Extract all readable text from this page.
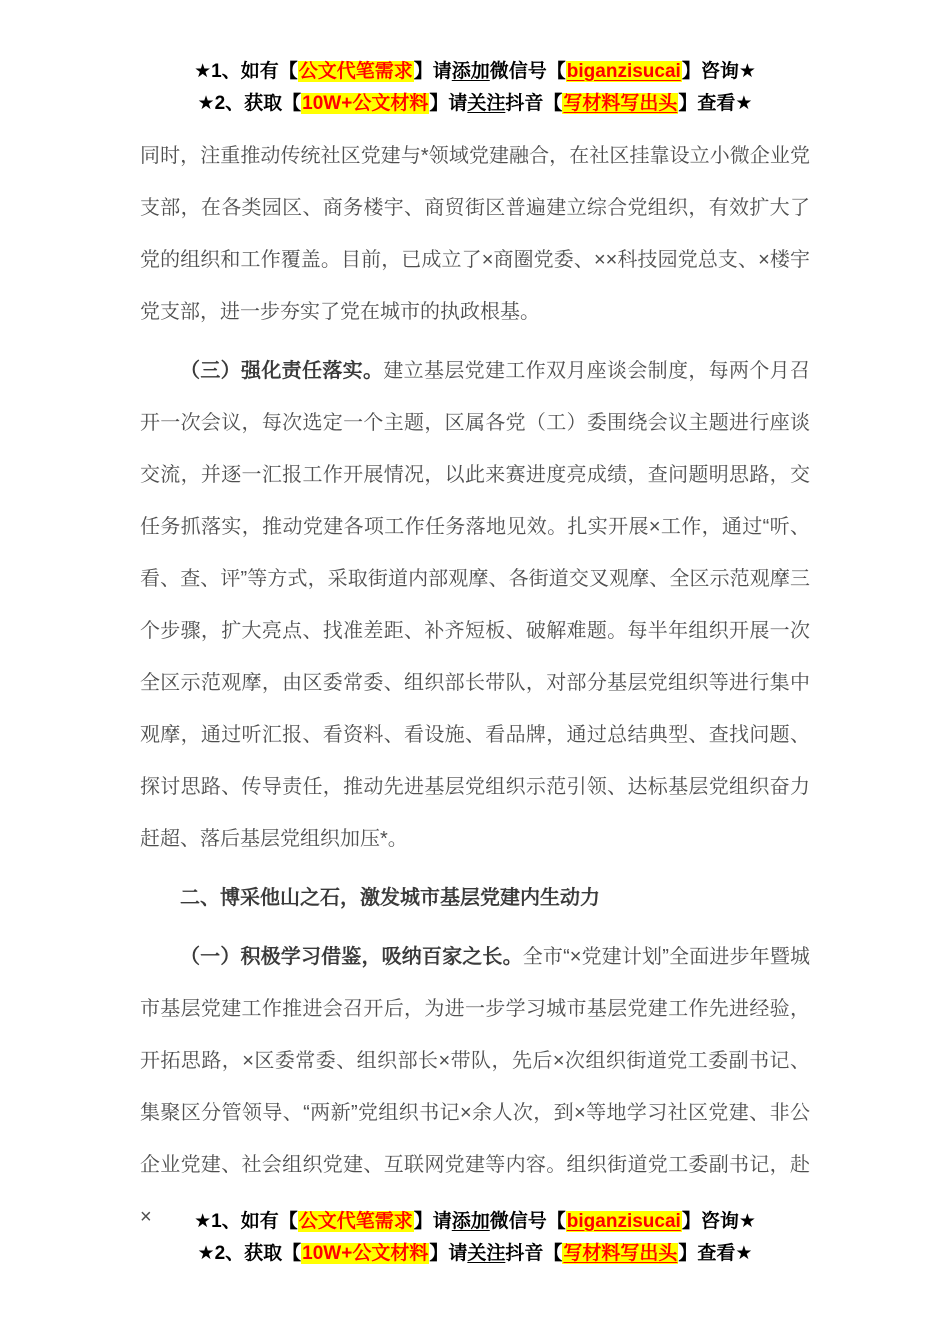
★1、如有【公文代笔需求】请添加微信号【biganzisucai】咨询★
★2、获取【10W+公文材料】请关注抖音【写材料写出头】查看★

同时，注重推动传统社区党建与*领域党建融合，在社区挂靠设立小微企业党支部，在各类园区、商务楼宇、商贸街区普遍建立综合党组织，有效扩大了党的组织和工作覆盖。目前，已成立了×商圈党委、××科技园党总支、×楼宇党支部，进一步夯实了党在城市的执政根基。

（三）强化责任落实。建立基层党建工作双月座谈会制度，每两个月召开一次会议，每次选定一个主题，区属各党（工）委围绕会议主题进行座谈交流，并逐一汇报工作开展情况，以此来赛进度亮成绩，查问题明思路，交任务抓落实，推动党建各项工作任务落地见效。扎实开展×工作，通过“听、看、查、评”等方式，采取街道内部观摩、各街道交叉观摩、全区示范观摩三个步骤，扩大亮点、找准差距、补齐短板、破解难题。每半年组织开展一次全区示范观摩，由区委常委、组织部长带队，对部分基层党组织等进行集中观摩，通过听汇报、看资料、看设施、看品牌，通过总结典型、查找问题、探讨思路、传导责任，推动先进基层党组织示范引领、达标基层党组织奋力赶超、落后基层党组织加压*。

二、博采他山之石，激发城市基层党建内生动力

（一）积极学习借鉴，吸纳百家之长。全市“×党建计划”全面进步年暨城市基层党建工作推进会召开后，为进一步学习城市基层党建工作先进经验，开拓思路，×区委常委、组织部长×带队，先后×次组织街道党工委副书记、集聚区分管领导、“两新”党组织书记×余人次，到×等地学习社区党建、非公企业党建、社会组织党建、互联网党建等内容。组织街道党工委副书记，赴×	★1、如有【公文代笔需求】请添加微信号【biganzisucai】咨询★
★2、获取【10W+公文材料】请关注抖音【写材料写出头】查看★
